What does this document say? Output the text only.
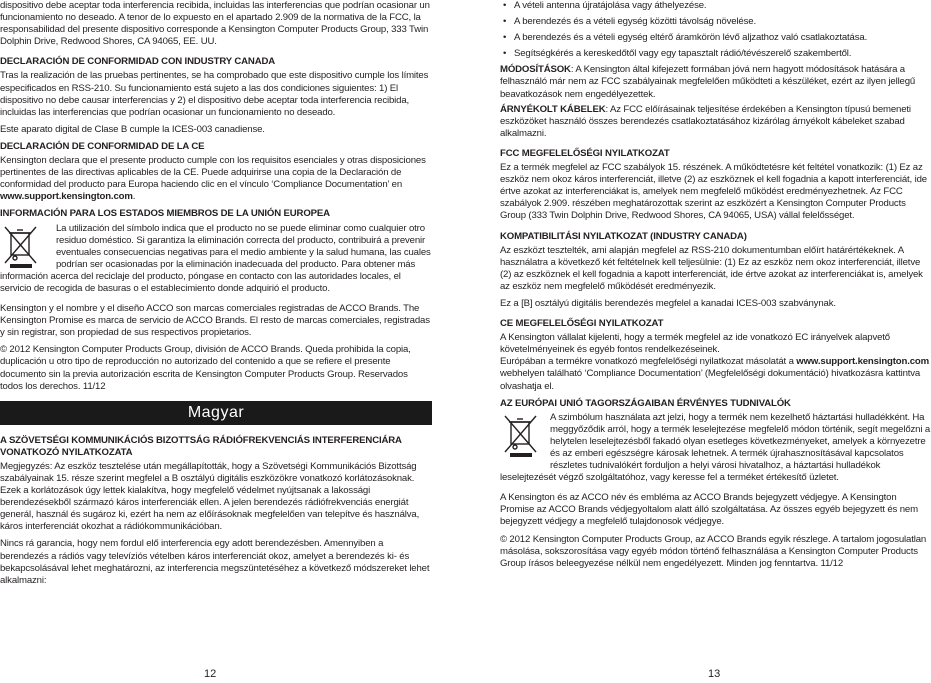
dispositivo debe aceptar toda interferencia recibida, incluidas las interferencias que podrían ocasionar un funcionamiento no deseado. A tenor de lo expuesto en el apartado 2.909 de la normativa de la FCC, la responsabilidad del presente dispositivo corresponde a Kensington Computer Products Group, 333 Twin Dolphin Drive, Redwood Shores, CA 94065, EE. UU.

DECLARACIÓN DE CONFORMIDAD CON INDUSTRY CANADA

Tras la realización de las pruebas pertinentes, se ha comprobado que este dispositivo cumple los límites especificados en RSS-210. Su funcionamiento está sujeto a las dos condiciones siguientes: 1) El dispositivo no debe causar interferencias y 2) el dispositivo debe aceptar toda interferencia recibida, incluidas las interferencias que podrían ocasionar un funcionamiento no deseado.

Este aparato digital de Clase B cumple la ICES-003 canadiense.

DECLARACIÓN DE CONFORMIDAD DE LA CE

Kensington declara que el presente producto cumple con los requisitos esenciales y otras disposiciones pertinentes de las directivas aplicables de la CE. Puede adquirirse una copia de la Declaración de conformidad del producto para Europa haciendo clic en el vínculo ‘Compliance Documentation’ en www.support.kensington.com.

INFORMACIÓN PARA LOS ESTADOS MIEMBROS DE LA UNIÓN EUROPEA

La utilización del símbolo indica que el producto no se puede eliminar como cualquier otro residuo doméstico. Si garantiza la eliminación correcta del producto, contribuirá a prevenir eventuales consecuencias negativas para el medio ambiente y la salud humana, las cuales podrían ser ocasionadas por la eliminación inadecuada del producto. Para obtener más información acerca del reciclaje del producto, póngase en contacto con las autoridades locales, el servicio de recogida de basuras o el establecimiento donde adquirió el producto.

Kensington y el nombre y el diseño ACCO son marcas comerciales registradas de ACCO Brands. The Kensington Promise es marca de servicio de ACCO Brands. El resto de marcas comerciales, registradas y sin registrar, son propiedad de sus respectivos propietarios.

© 2012 Kensington Computer Products Group, división de ACCO Brands. Queda prohibida la copia, duplicación u otro tipo de reproducción no autorizado del contenido a que se refiere el presente documento sin la previa autorización escrita de Kensington Computer Products Group. Reservados todos los derechos. 11/12

Magyar
A SZÖVETSÉGI KOMMUNIKÁCIÓS BIZOTTSÁG RÁDIÓFREKVENCIÁS INTERFERENCIÁRA VONATKOZÓ NYILATKOZATA

Megjegyzés: Az eszköz tesztelése után megállapították, hogy a Szövetségi Kommunikációs Bizottság szabályainak 15. része szerint megfelel a B osztályú digitális eszközökre vonatkozó korlátozásoknak. Ezek a korlátozások úgy lettek kialakítva, hogy megfelelő védelmet nyújtsanak a lakossági berendezésekből származó káros interferenciák ellen. A jelen berendezés rádiófrekvenciás energiát generál, használ és sugároz ki, ezért ha nem az előírásoknak megfelelően van telepítve és használva, káros interferenciát okozhat a rádiókommunikációban.

Nincs rá garancia, hogy nem fordul elő interferencia egy adott berendezésben. Amennyiben a berendezés a rádiós vagy televíziós vételben káros interferenciát okoz, amelyet a berendezés ki- és bekapcsolásával lehet meghatározni, az interferencia megszüntetéséhez a következő módszereket lehet alkalmazni:

12
• A vételi antenna újratájolása vagy áthelyezése.
• A berendezés és a vételi egység közötti távolság növelése.
• A berendezés és a vételi egység eltérő áramkörön lévő aljzathoz való csatlakoztatása.
• Segítségkérés a kereskedőtől vagy egy tapasztalt rádió/tévészerelő szakembertől.

MÓDOSÍTÁSOK: A Kensington által kifejezett formában jóvá nem hagyott módosítások hatására a felhasználó már nem az FCC szabályainak megfelelően működteti a készüléket, ezért az ilyen jellegű beavatkozások nem engedélyezettek.

ÁRNYÉKOLT KÁBELEK: Az FCC előírásainak teljesítése érdekében a Kensington típusú bemeneti eszközöket használó összes berendezés csatlakoztatásához kizárólag árnyékolt kábeleket szabad alkalmazni.

FCC MEGFELELŐSÉGI NYILATKOZAT

Ez a termék megfelel az FCC szabályok 15. részének. A működtetésre két feltétel vonatkozik: (1) Ez az eszköz nem okoz káros interferenciát, illetve (2) az eszköznek el kell fogadnia a kapott interferenciát, ide értve azokat az interferenciákat is, amelyek nem megfelelő működést eredményezhetnek. Az FCC szabályok 2.909. részében meghatározottak szerint az eszközért a Kensington Computer Products Group (333 Twin Dolphin Drive, Redwood Shores, CA 94065, USA) vállal felelősséget.

KOMPATIBILITÁSI NYILATKOZAT (INDUSTRY CANADA)

Az eszközt tesztelték, ami alapján megfelel az RSS-210 dokumentumban előírt határértékeknek. A használatra a következő két feltételnek kell teljesülnie: (1) Ez az eszköz nem okoz interferenciát, illetve (2) az eszköznek el kell fogadnia a kapott interferenciát, ide értve azokat az interferenciákat is, amelyek az eszköz nem megfelelő működését eredményezik.

Ez a [B] osztályú digitális berendezés megfelel a kanadai ICES-003 szabványnak.

CE MEGFELELŐSÉGI NYILATKOZAT

A Kensington vállalat kijelenti, hogy a termék megfelel az ide vonatkozó EC irányelvek alapvető követelményeinek és egyéb fontos rendelkezéseinek.

Európában a termékre vonatkozó megfelelőségi nyilatkozat másolatát a www.support.kensington.com webhelyen található ‘Compliance Documentation’ (Megfelelőségi dokumentáció) hivatkozásra kattintva olvashatja el.

AZ EURÓPAI UNIÓ TAGORSZÁGAIBAN ÉRVÉNYES TUDNIVALÓK

A szimbólum használata azt jelzi, hogy a termék nem kezelhető háztartási hulladékként. Ha meggyőződik arról, hogy a termék leselejtezése megfelelő módon történik, segít megelőzni a helytelen leselejtezésből fakadó olyan esetleges következményeket, amelyek a környezetre és az emberi egészségre károsak lehetnek. A termék újrahasznosításával kapcsolatos részletes tudnivalókért forduljon a helyi városi hivatalhoz, a háztartási hulladékok leselejtezését végző szolgáltatóhoz, vagy keresse fel a terméket értékesítő üzletet.

A Kensington és az ACCO név és embléma az ACCO Brands bejegyzett védjegye. A Kensington Promise az ACCO Brands védjegyoltalom alatt álló szolgáltatása. Az összes egyéb bejegyzett és nem bejegyzett védjegy a megfelelő tulajdonosok védjegye.

© 2012 Kensington Computer Products Group, az ACCO Brands egyik részlege. A tartalom jogosulatlan másolása, sokszorosítása vagy egyéb módon történő felhasználása a Kensington Computer Products Group írásos beleegyezése nélkül nem engedélyezett. Minden jog fenntartva. 11/12

13
